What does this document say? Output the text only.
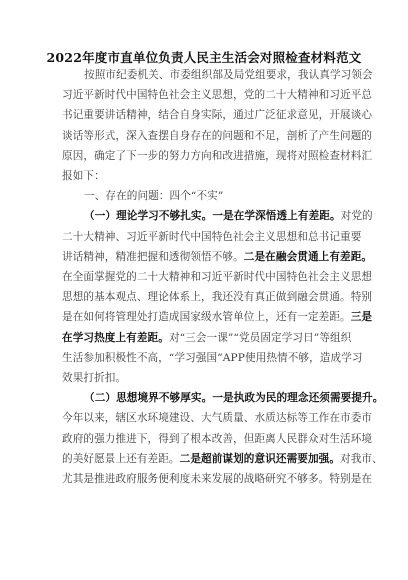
2022年度市直单位负责人民主生活会对照检查材料范文
按照市纪委机关、市委组织部及局党组要求，我认真学习领会
习近平新时代中国特色社会主义思想，党的二十大精神和习近平总
书记重要讲话精神，结合自身实际，通过广泛征求意见，开展谈心
谈话等形式，深入查摆自身存在的问题和不足，剖析了产生问题的
原因，确定了下一步的努力方向和改进措施，现将对照检查材料汇
报如下：
一、存在的问题：四个“不实”
（一）理论学习不够扎实。一是在学深悟透上有差距。对党的
二十大精神、习近平新时代中国特色社会主义思想和总书记重要
讲话精神，精准把握和透彻领悟不够。二是在融会贯通上有差距。
在全面掌握党的二十大精神和习近平新时代中国特色社会主义思想
思想的基本观点、理论体系上，我还没有真正做到融会贯通。特别
是在如何将管理处打造成国家级水管单位上，还有一定差距。三是
在学习热度上有差距。对“三会一课”“党员固定学习日”等组织
生活参加积极性不高，“学习强国”APP使用热情不够，造成学习
效果打折扣。
（二）思想境界不够厚实。一是执政为民的理念还须需要提升。
今年以来，辖区水环境建设、大气质量、水质达标等工作在市委市
政府的强力推进下，得到了根本改善，但距离人民群众对生活环境
的美好愿景上还有差距。二是超前谋划的意识还需要加强。对我市、
尤其是推进政府服务便利度未来发展的战略研究不够多。特别是在
